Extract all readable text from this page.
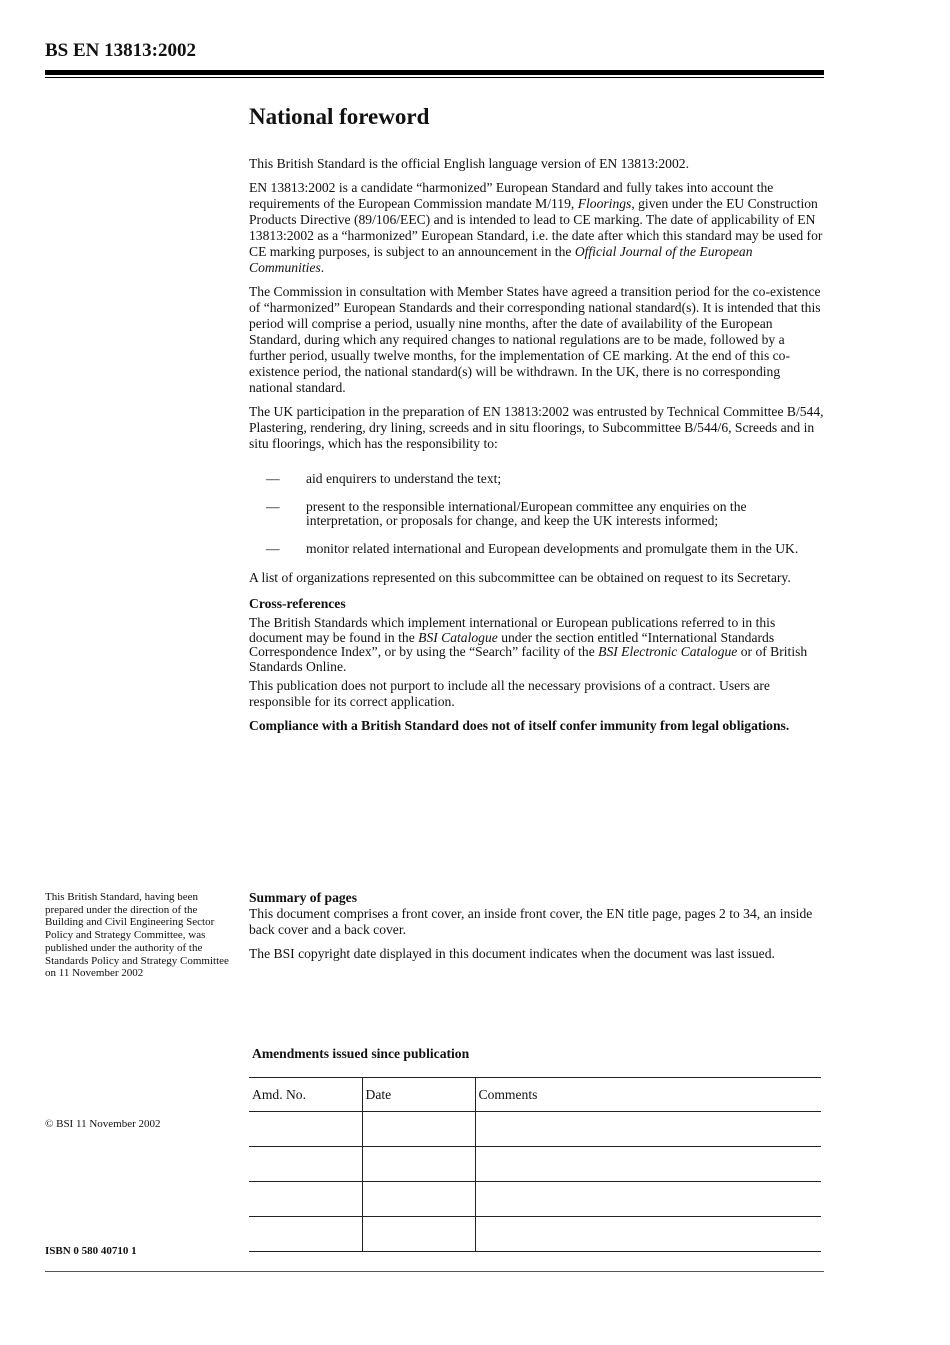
BS EN 13813:2002
National foreword

This British Standard is the official English language version of EN 13813:2002.

EN 13813:2002 is a candidate “harmonized” European Standard and fully takes into account the requirements of the European Commission mandate M/119, Floorings, given under the EU Construction Products Directive (89/106/EEC) and is intended to lead to CE marking. The date of applicability of EN 13813:2002 as a “harmonized” European Standard, i.e. the date after which this standard may be used for CE marking purposes, is subject to an announcement in the Official Journal of the European Communities.

The Commission in consultation with Member States have agreed a transition period for the co-existence of “harmonized” European Standards and their corresponding national standard(s). It is intended that this period will comprise a period, usually nine months, after the date of availability of the European Standard, during which any required changes to national regulations are to be made, followed by a further period, usually twelve months, for the implementation of CE marking. At the end of this co-existence period, the national standard(s) will be withdrawn. In the UK, there is no corresponding national standard.

The UK participation in the preparation of EN 13813:2002 was entrusted by Technical Committee B/544, Plastering, rendering, dry lining, screeds and in situ floorings, to Subcommittee B/544/6, Screeds and in situ floorings, which has the responsibility to:

— aid enquirers to understand the text;
— present to the responsible international/European committee any enquiries on the interpretation, or proposals for change, and keep the UK interests informed;
— monitor related international and European developments and promulgate them in the UK.

A list of organizations represented on this subcommittee can be obtained on request to its Secretary.

Cross-references

The British Standards which implement international or European publications referred to in this document may be found in the BSI Catalogue under the section entitled “International Standards Correspondence Index”, or by using the “Search” facility of the BSI Electronic Catalogue or of British Standards Online.

This publication does not purport to include all the necessary provisions of a contract. Users are responsible for its correct application.

Compliance with a British Standard does not of itself confer immunity from legal obligations.

This British Standard, having been prepared under the direction of the Building and Civil Engineering Sector Policy and Strategy Committee, was published under the authority of the Standards Policy and Strategy Committee on 11 November 2002

Summary of pages

This document comprises a front cover, an inside front cover, the EN title page, pages 2 to 34, an inside back cover and a back cover.

The BSI copyright date displayed in this document indicates when the document was last issued.

Amendments issued since publication

Amd. No.	Date	Comments

© BSI 11 November 2002

ISBN 0 580 40710 1
